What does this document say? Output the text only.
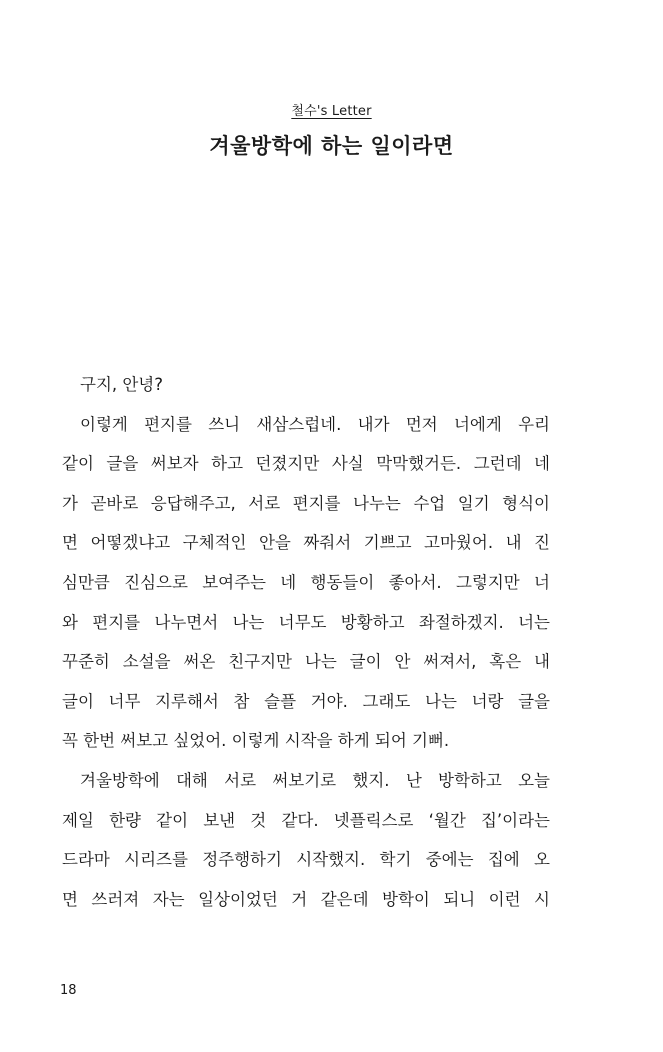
철수's Letter
겨울방학에 하는 일이라면
구지, 안녕?
이렇게 편지를 쓰니 새삼스럽네. 내가 먼저 너에게 우리
같이 글을 써보자 하고 던졌지만 사실 막막했거든. 그런데 네
가 곧바로 응답해주고, 서로 편지를 나누는 수업 일기 형식이
면 어떻겠냐고 구체적인 안을 짜줘서 기쁘고 고마웠어. 내 진
심만큼 진심으로 보여주는 네 행동들이 좋아서. 그렇지만 너
와 편지를 나누면서 나는 너무도 방황하고 좌절하겠지. 너는
꾸준히 소설을 써온 친구지만 나는 글이 안 써져서, 혹은 내
글이 너무 지루해서 참 슬플 거야. 그래도 나는 너랑 글을
꼭 한번 써보고 싶었어. 이렇게 시작을 하게 되어 기뻐.
겨울방학에 대해 서로 써보기로 했지. 난 방학하고 오늘
제일 한량 같이 보낸 것 같다. 넷플릭스로 ‘월간 집’이라는
드라마 시리즈를 정주행하기 시작했지. 학기 중에는 집에 오
면 쓰러져 자는 일상이었던 거 같은데 방학이 되니 이런 시
18
